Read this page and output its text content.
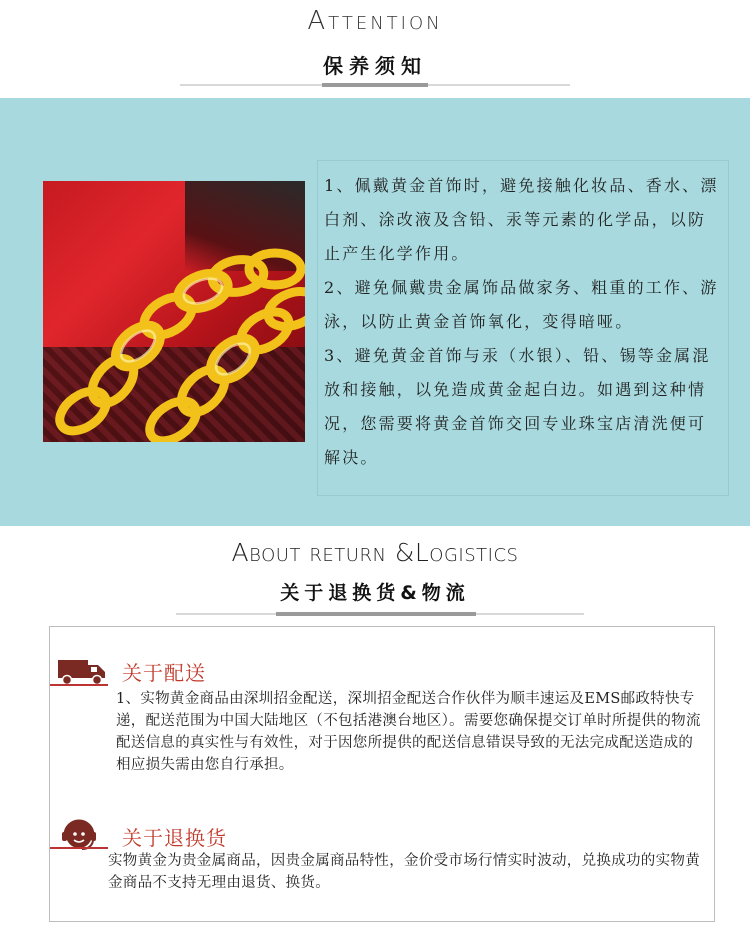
Attention
保养须知

1、佩戴黄金首饰时，避免接触化妆品、香水、漂白剂、涂改液及含铅、汞等元素的化学品，以防止产生化学作用。

2、避免佩戴贵金属饰品做家务、粗重的工作、游泳，以防止黄金首饰氧化，变得暗哑。

3、避免黄金首饰与汞（水银）、铅、锡等金属混放和接触，以免造成黄金起白边。如遇到这种情况，您需要将黄金首饰交回专业珠宝店清洗便可解决。

About return &Logistics
关于退换货&物流
关于配送
1、实物黄金商品由深圳招金配送，深圳招金配送合作伙伴为顺丰速运及EMS邮政特快专递，配送范围为中国大陆地区（不包括港澳台地区）。需要您确保提交订单时所提供的物流配送信息的真实性与有效性，对于因您所提供的配送信息错误导致的无法完成配送造成的相应损失需由您自行承担。
关于退换货
实物黄金为贵金属商品，因贵金属商品特性，金价受市场行情实时波动，兑换成功的实物黄金商品不支持无理由退货、换货。
